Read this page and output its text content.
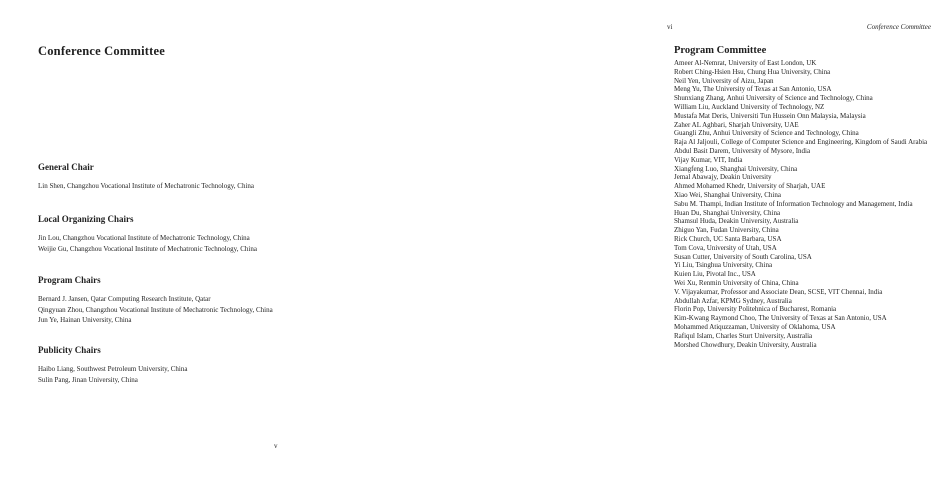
Conference Committee
General Chair
Lin Shen, Changzhou Vocational Institute of Mechatronic Technology, China
Local Organizing Chairs
Jin Lou, Changzhou Vocational Institute of Mechatronic Technology, China
Weijie Gu, Changzhou Vocational Institute of Mechatronic Technology, China
Program Chairs
Bernard J. Jansen, Qatar Computing Research Institute, Qatar
Qingyuan Zhou, Changzhou Vocational Institute of Mechatronic Technology, China
Jun Ye, Hainan University, China
Publicity Chairs
Haibo Liang, Southwest Petroleum University, China
Sulin Pang, Jinan University, China
v
vi	Conference Committee
Program Committee
Ameer Al-Nemrat, University of East London, UK
Robert Ching-Hsien Hsu, Chung Hua University, China
Neil Yen, University of Aizu, Japan
Meng Yu, The University of Texas at San Antonio, USA
Shunxiang Zhang, Anhui University of Science and Technology, China
William Liu, Auckland University of Technology, NZ
Mustafa Mat Deris, Universiti Tun Hussein Onn Malaysia, Malaysia
Zaher AL Aghbari, Sharjah University, UAE
Guangli Zhu, Anhui University of Science and Technology, China
Raja Al Jaljouli, College of Computer Science and Engineering, Kingdom of Saudi Arabia
Abdul Basit Darem, University of Mysore, India
Vijay Kumar, VIT, India
Xiangfeng Luo, Shanghai University, China
Jemal Abawajy, Deakin University
Ahmed Mohamed Khedr, University of Sharjah, UAE
Xiao Wei, Shanghai University, China
Sabu M. Thampi, Indian Institute of Information Technology and Management, India
Huan Du, Shanghai University, China
Shamsul Huda, Deakin University, Australia
Zhiguo Yan, Fudan University, China
Rick Church, UC Santa Barbara, USA
Tom Cova, University of Utah, USA
Susan Cutter, University of South Carolina, USA
Yi Liu, Tsinghua University, China
Kuien Liu, Pivotal Inc., USA
Wei Xu, Renmin University of China, China
V. Vijayakumar, Professor and Associate Dean, SCSE, VIT Chennai, India
Abdullah Azfar, KPMG Sydney, Australia
Florin Pop, University Politehnica of Bucharest, Romania
Kim-Kwang Raymond Choo, The University of Texas at San Antonio, USA
Mohammed Atiquzzaman, University of Oklahoma, USA
Rafiqul Islam, Charles Sturt University, Australia
Morshed Chowdhury, Deakin University, Australia
